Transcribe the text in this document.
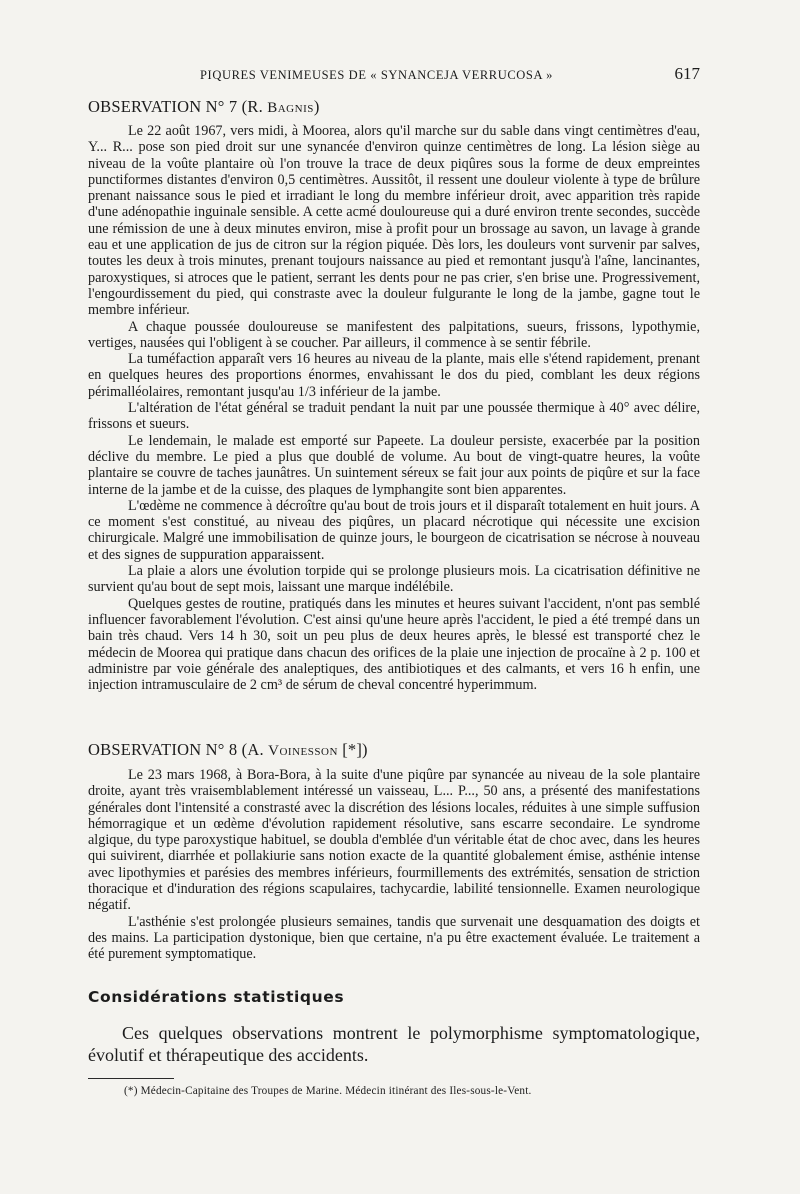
PIQURES VENIMEUSES DE « SYNANCEJA VERRUCOSA »	617
OBSERVATION N° 7 (R. Bagnis)

Le 22 août 1967, vers midi, à Moorea, alors qu'il marche sur du sable dans vingt centimètres d'eau, Y... R... pose son pied droit sur une synancée d'environ quinze centimètres de long. La lésion siège au niveau de la voûte plantaire où l'on trouve la trace de deux piqûres sous la forme de deux empreintes punctiformes distantes d'environ 0,5 centimètres. Aussitôt, il ressent une douleur violente à type de brûlure prenant naissance sous le pied et irradiant le long du membre inférieur droit, avec apparition très rapide d'une adénopathie inguinale sensible. A cette acmé douloureuse qui a duré environ trente secondes, succède une rémission de une à deux minutes environ, mise à profit pour un brossage au savon, un lavage à grande eau et une application de jus de citron sur la région piquée. Dès lors, les douleurs vont survenir par salves, toutes les deux à trois minutes, prenant toujours naissance au pied et remontant jusqu'à l'aîne, lancinantes, paroxystiques, si atroces que le patient, serrant les dents pour ne pas crier, s'en brise une. Progressivement, l'engourdissement du pied, qui constraste avec la douleur fulgurante le long de la jambe, gagne tout le membre inférieur.

A chaque poussée douloureuse se manifestent des palpitations, sueurs, frissons, lypothymie, vertiges, nausées qui l'obligent à se coucher. Par ailleurs, il commence à se sentir fébrile.

La tuméfaction apparaît vers 16 heures au niveau de la plante, mais elle s'étend rapidement, prenant en quelques heures des proportions énormes, envahissant le dos du pied, comblant les deux régions périmalléolaires, remontant jusqu'au 1/3 inférieur de la jambe.

L'altération de l'état général se traduit pendant la nuit par une poussée thermique à 40° avec délire, frissons et sueurs.

Le lendemain, le malade est emporté sur Papeete. La douleur persiste, exacerbée par la position déclive du membre. Le pied a plus que doublé de volume. Au bout de vingt-quatre heures, la voûte plantaire se couvre de taches jaunâtres. Un suintement séreux se fait jour aux points de piqûre et sur la face interne de la jambe et de la cuisse, des plaques de lymphangite sont bien apparentes.

L'œdème ne commence à décroître qu'au bout de trois jours et il disparaît totalement en huit jours. A ce moment s'est constitué, au niveau des piqûres, un placard nécrotique qui nécessite une excision chirurgicale. Malgré une immobilisation de quinze jours, le bourgeon de cicatrisation se nécrose à nouveau et des signes de suppuration apparaissent.

La plaie a alors une évolution torpide qui se prolonge plusieurs mois. La cicatrisation définitive ne survient qu'au bout de sept mois, laissant une marque indélébile.

Quelques gestes de routine, pratiqués dans les minutes et heures suivant l'accident, n'ont pas semblé influencer favorablement l'évolution. C'est ainsi qu'une heure après l'accident, le pied a été trempé dans un bain très chaud. Vers 14 h 30, soit un peu plus de deux heures après, le blessé est transporté chez le médecin de Moorea qui pratique dans chacun des orifices de la plaie une injection de procaïne à 2 p. 100 et administre par voie générale des analeptiques, des antibiotiques et des calmants, et vers 16 h enfin, une injection intramusculaire de 2 cm³ de sérum de cheval concentré hyperimmum.

OBSERVATION N° 8 (A. Voinesson [*])

Le 23 mars 1968, à Bora-Bora, à la suite d'une piqûre par synancée au niveau de la sole plantaire droite, ayant très vraisemblablement intéressé un vaisseau, L... P..., 50 ans, a présenté des manifestations générales dont l'intensité a constrasté avec la discrétion des lésions locales, réduites à une simple suffusion hémorragique et un œdème d'évolution rapidement résolutive, sans escarre secondaire. Le syndrome algique, du type paroxystique habituel, se doubla d'emblée d'un véritable état de choc avec, dans les heures qui suivirent, diarrhée et pollakiurie sans notion exacte de la quantité globalement émise, asthénie intense avec lipothymies et parésies des membres inférieurs, fourmillements des extrémités, sensation de striction thoracique et d'induration des régions scapulaires, tachycardie, labilité tensionnelle. Examen neurologique négatif.

L'asthénie s'est prolongée plusieurs semaines, tandis que survenait une desquamation des doigts et des mains. La participation dystonique, bien que certaine, n'a pu être exactement évaluée. Le traitement a été purement symptomatique.

Considérations statistiques

Ces quelques observations montrent le polymorphisme symptomatologique, évolutif et thérapeutique des accidents.

(*) Médecin-Capitaine des Troupes de Marine. Médecin itinérant des Iles-sous-le-Vent.
